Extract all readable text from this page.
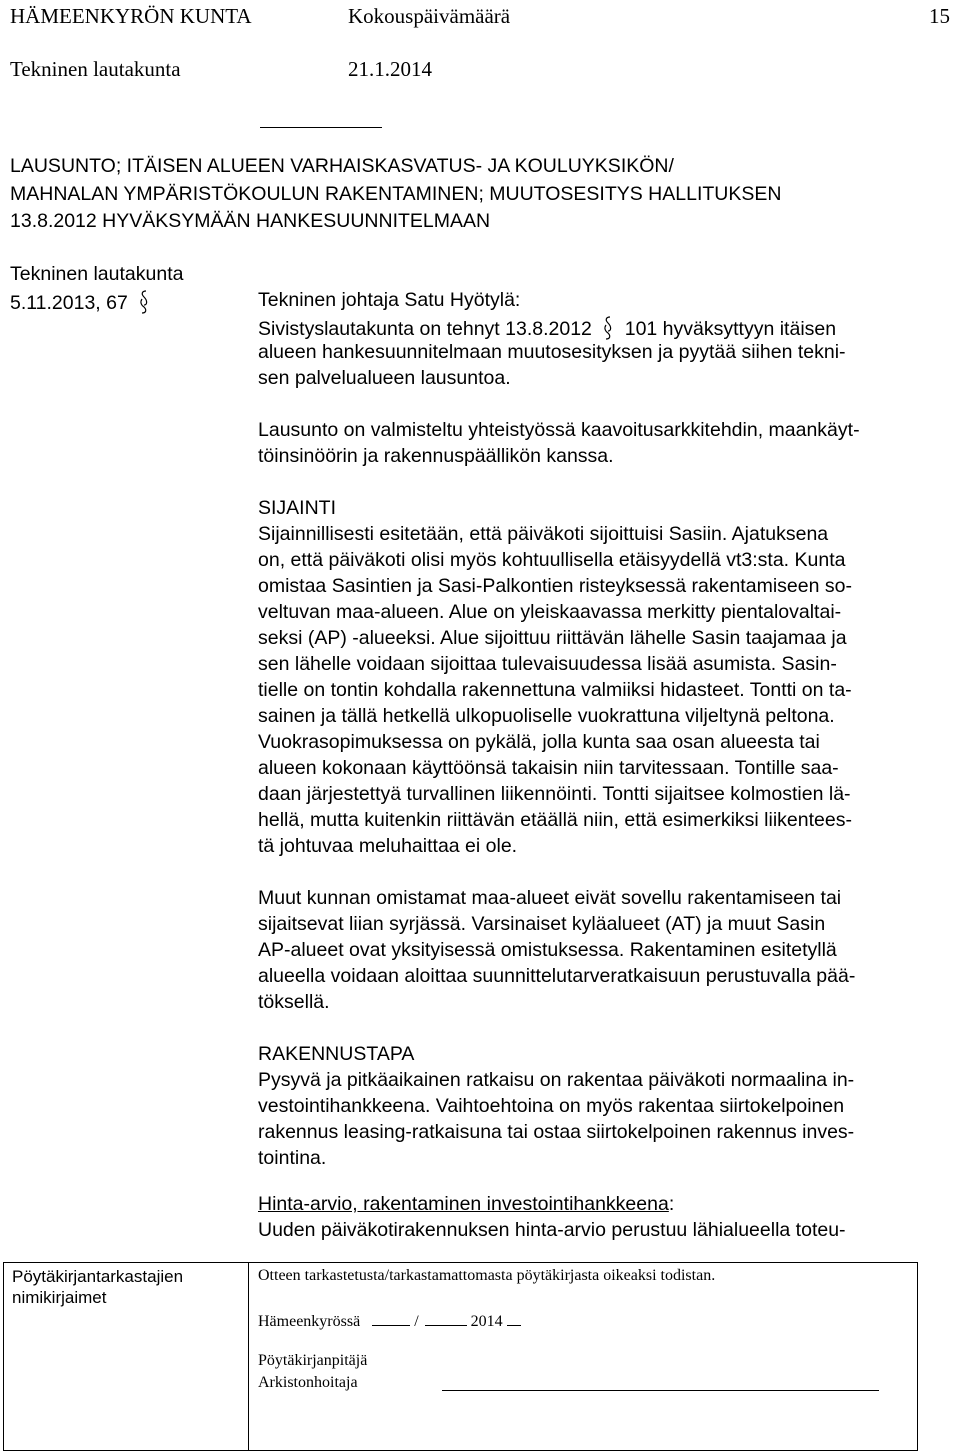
HÄMEENKYRÖN KUNTA	Kokouspäivämäärä	15
Tekninen lautakunta	21.1.2014
LAUSUNTO; ITÄISEN ALUEEN VARHAISKASVATUS- JA KOULUYKSIKÖN/
MAHNALAN YMPÄRISTÖKOULUN RAKENTAMINEN; MUUTOSESITYS HALLITUKSEN
13.8.2012 HYVÄKSYMÄÄN HANKESUUNNITELMAAN
Tekninen lautakunta
5.11.2013, 67	Tekninen johtaja Satu Hyötylä:
Sivistyslautakunta on tehnyt 13.8.2012 101 hyväksyttyyn itäisen
alueen hankesuunnitelmaan muutosesityksen ja pyytää siihen tekni-
sen palvelualueen lausuntoa.
Lausunto on valmisteltu yhteistyössä kaavoitusarkkitehdin, maankäyt-
töinsinöörin ja rakennuspäällikön kanssa.
SIJAINTI
Sijainnillisesti esitetään, että päiväkoti sijoittuisi Sasiin. Ajatuksena
on, että päiväkoti olisi myös kohtuullisella etäisyydellä vt3:sta. Kunta
omistaa Sasintien ja Sasi-Palkontien risteyksessä rakentamiseen so-
veltuvan maa-alueen. Alue on yleiskaavassa merkitty pientalovaltai-
seksi (AP) -alueeksi. Alue sijoittuu riittävän lähelle Sasin taajamaa ja
sen lähelle voidaan sijoittaa tulevaisuudessa lisää asumista. Sasin-
tielle on tontin kohdalla rakennettuna valmiiksi hidasteet. Tontti on ta-
sainen ja tällä hetkellä ulkopuoliselle vuokrattuna viljeltynä peltona.
Vuokrasopimuksessa on pykälä, jolla kunta saa osan alueesta tai
alueen kokonaan käyttöönsä takaisin niin tarvitessaan. Tontille saa-
daan järjestettyä turvallinen liikennöinti. Tontti sijaitsee kolmostien lä-
hellä, mutta kuitenkin riittävän etäällä niin, että esimerkiksi liikentees-
tä johtuvaa meluhaittaa ei ole.
Muut kunnan omistamat maa-alueet eivät sovellu rakentamiseen tai
sijaitsevat liian syrjässä. Varsinaiset kyläalueet (AT) ja muut Sasin
AP-alueet ovat yksityisessä omistuksessa. Rakentaminen esitetyllä
alueella voidaan aloittaa suunnittelutarveratkaisuun perustuvalla pää-
töksellä.
RAKENNUSTAPA
Pysyvä ja pitkäaikainen ratkaisu on rakentaa päiväkoti normaalina in-
vestointihankkeena. Vaihtoehtoina on myös rakentaa siirtokelpoinen
rakennus leasing-ratkaisuna tai ostaa siirtokelpoinen rakennus inves-
tointina.
Hinta-arvio, rakentaminen investointihankkeena:
Uuden päiväkotirakennuksen hinta-arvio perustuu lähialueella toteu-
Pöytäkirjantarkastajien
nimikirjaimet
Otteen tarkastetusta/tarkastamattomasta pöytäkirjasta oikeaksi todistan.
Hämeenkyrössä	/	2014
Pöytäkirjanpitäjä
Arkistonhoitaja
